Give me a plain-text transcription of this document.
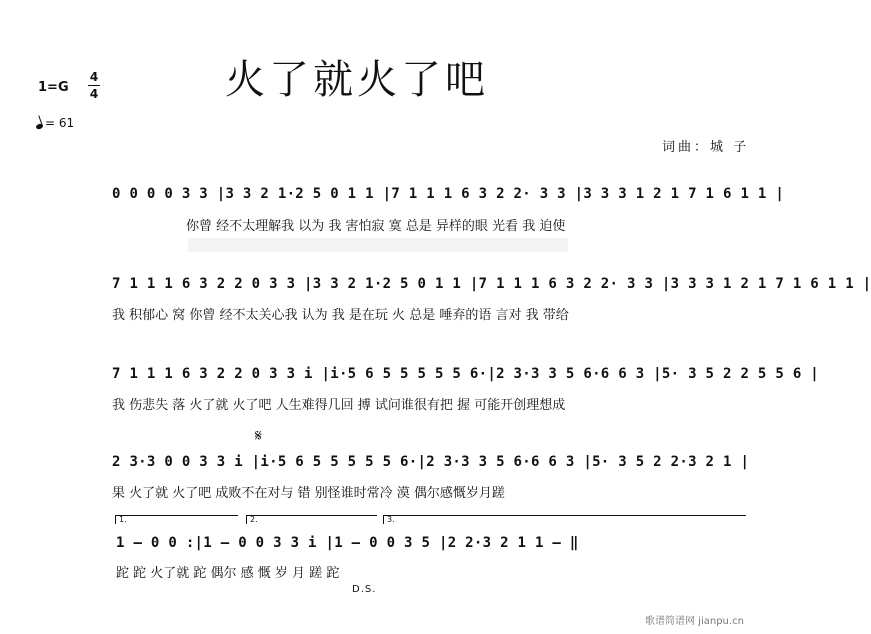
火了就火了吧
1=G
4
4
= 61
词曲：城 子
0 0 0 0 3 3 |3 3 2 1·2 5 0 1 1 |7 1 1 1 6 3 2 2· 3 3 |3 3 3 1 2 1 7 1 6 1 1 |
你曾 经不太理解我 以为 我 害怕寂 寞 总是 异样的眼 光看 我 迫使
7 1 1 1 6 3 2 2 0 3 3 |3 3 2 1·2 5 0 1 1 |7 1 1 1 6 3 2 2· 3 3 |3 3 3 1 2 1 7 1 6 1 1 |
我 积郁心 窝 你曾 经不太关心我 认为 我 是在玩 火 总是 唾弃的语 言对 我 带给
7 1 1 1 6 3 2 2 0 3 3 i |i·5 6 5 5 5 5 5 6·|2 3·3 3 5 6·6 6 3 |5· 3 5 2 2 5 5 6 |
我 伤悲失 落 火了就 火了吧 人生难得几回 搏 试问谁很有把 握 可能开创理想成
𝄋
2 3·3 0 0 3 3 i |i·5 6 5 5 5 5 5 6·|2 3·3 3 5 6·6 6 3 |5· 3 5 2 2·3 2 1 |
果 火了就 火了吧 成败不在对与 错 别怪谁时常冷 漠 偶尔感慨岁月蹉
1.	2.	3.
1 – 0 0 :|1 – 0 0 3 3 i |1 – 0 0 3 5 |2 2·3 2 1 1 – ‖
跎 跎 火了就 跎 偶尔 感 慨 岁 月 蹉 跎
D.S.
歌谱简谱网 jianpu.cn
